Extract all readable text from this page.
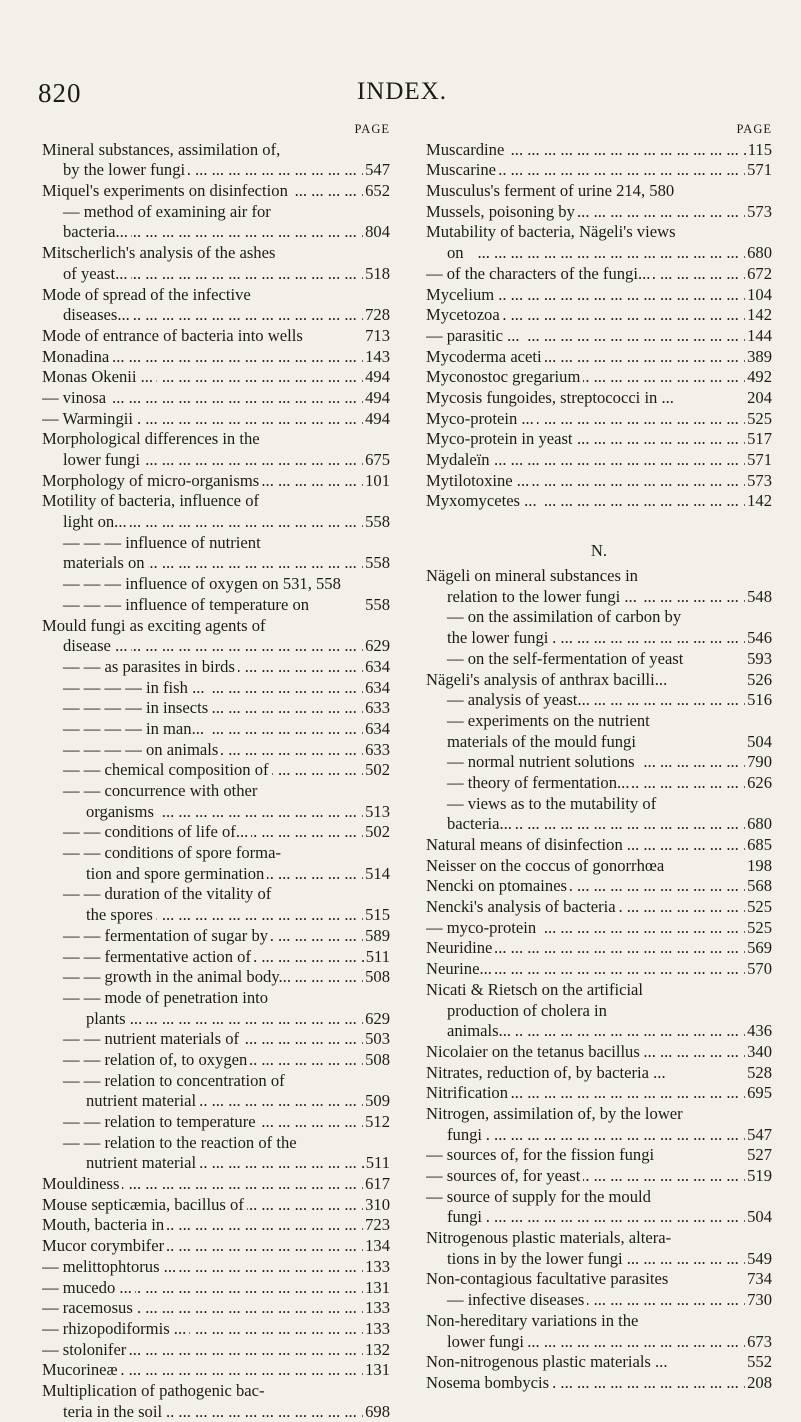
820	INDEX.
PAGE
Mineral substances, assimilation of,
... . by the lower fungi	547
... . Miquel's experiments on disinfection	652
— method of examining air for
... . bacteria...	804
Mitscherlich's analysis of the ashes
... . of yeast...	518
Mode of spread of the infective
... . diseases...	728
Mode of entrance of bacteria into wells	713
... . Monadina	143
... . Monas Okenii ...	494
... . — vinosa	494
... . — Warmingii	494
Morphological differences in the
... . lower fungi	675
... . Morphology of micro-organisms	101
Motility of bacteria, influence of
... . light on...	558
— — — influence of nutrient
... . materials on	558
— — — influence of oxygen on 531, 558
— — — influence of temperature on	558
Mould fungi as exciting agents of
... . disease ...	629
... . — — as parasites in birds	634
... . — — — — in fish ...	634
... . — — — — in insects	633
... . — — — — in man...	634
... . — — — — on animals	633
... . — — chemical composition of	502
— — concurrence with other
... . organisms	513
... . — — conditions of life of...	502
— — conditions of spore forma-
... . tion and spore germination	514
— — duration of the vitality of
... . the spores	515
... . — — fermentation of sugar by	589
... . — — fermentative action of	511
... . — — growth in the animal body...	508
— — mode of penetration into
... . plants ...	629
... . — — nutrient materials of	503
... . — — relation of, to oxygen	508
— — relation to concentration of
... . nutrient material	509
... . — — relation to temperature	512
— — relation to the reaction of the
... . nutrient material	511
... . Mouldiness	617
... . Mouse septicæmia, bacillus of	310
... . Mouth, bacteria in	723
... . Mucor corymbifer	134
... . — melittophtorus ...	133
... . — mucedo ...	131
... . — racemosus	133
... . — rhizopodiformis ...	133
... . — stolonifer	132
... . Mucorineæ	131
Multiplication of pathogenic bac-
... . teria in the soil	698
PAGE
... . Muscardine	115
... . Muscarine	571
Musculus's ferment of urine 214, 580
... . Mussels, poisoning by	573
Mutability of bacteria, Nägeli's views
... . on	680
... . — of the characters of the fungi...	672
... . Mycelium	104
... . Mycetozoa	142
... . — parasitic ...	144
... . Mycoderma aceti	389
... . Myconostoc gregarium	492
Mycosis fungoides, streptococci in ...	204
... . Myco-protein ...	525
... . Myco-protein in yeast	517
... . Mydaleïn	571
... . Mytilotoxine ...	573
... . Myxomycetes ...	142
N.
Nägeli on mineral substances in
... . relation to the lower fungi ...	548
— on the assimilation of carbon by
... . the lower fungi	546
— on the self-fermentation of yeast	593
Nägeli's analysis of anthrax bacilli...	526
... . — analysis of yeast...	516
— experiments on the nutrient
materials of the mould fungi	504
... . — normal nutrient solutions	790
... . — theory of fermentation...	626
— views as to the mutability of
... . bacteria...	680
... . Natural means of disinfection	685
Neisser on the coccus of gonorrhœa	198
... . Nencki on ptomaines	568
... . Nencki's analysis of bacteria	525
... . — myco-protein	525
... . Neuridine	569
... . Neurine...	570
Nicati & Rietsch on the artificial
production of cholera in
... . animals...	436
... . Nicolaier on the tetanus bacillus	340
Nitrates, reduction of, by bacteria ...	528
... . Nitrification	695
Nitrogen, assimilation of, by the lower
... . fungi	547
— sources of, for the fission fungi	527
... . — sources of, for yeast	519
— source of supply for the mould
... . fungi	504
Nitrogenous plastic materials, altera-
... . tions in by the lower fungi ...	549
Non-contagious facultative parasites	734
... . — infective diseases	730
Non-hereditary variations in the
... . lower fungi	673
Non-nitrogenous plastic materials ...	552
... . Nosema bombycis	208
